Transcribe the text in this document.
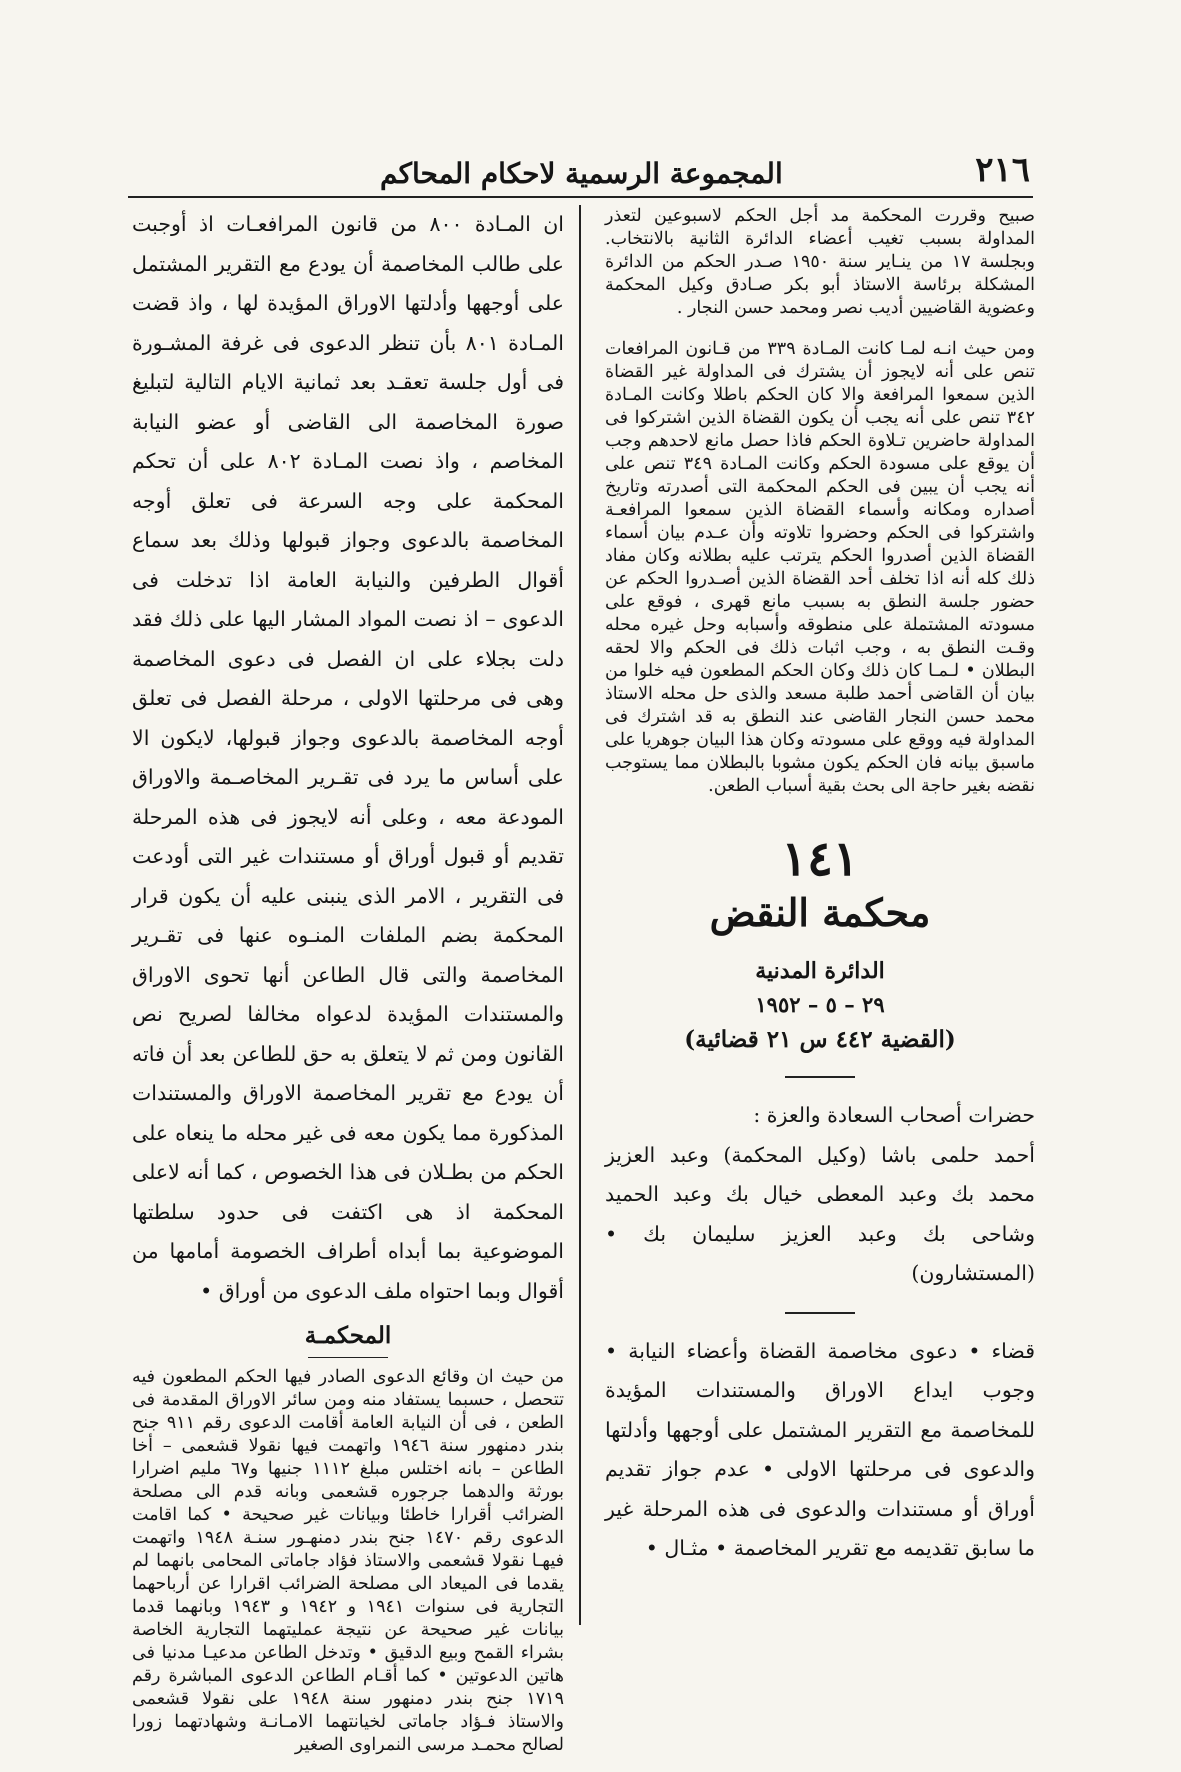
٢١٦
المجموعة الرسمية لاحكام المحاكم

صبيح وقررت المحكمة مد أجل الحكم لاسبوعين لتعذر المداولة بسبب تغيب أعضاء الدائرة الثانية بالانتخاب. وبجلسة ١٧ من ينـاير سنة ١٩٥٠ صـدر الحكم من الدائرة المشكلة برئاسة الاستاذ أبو بكر صـادق وكيل المحكمة وعضوية القاضيين أديب نصر ومحمد حسن النجار .

ومن حيث انـه لمـا كانت المـادة ٣٣٩ من قـانون المرافعات تنص على أنه لايجوز أن يشترك فى المداولة غير القضاة الذين سمعوا المرافعة والا كان الحكم باطلا وكانت المـادة ٣٤٢ تنص على أنه يجب أن يكون القضاة الذين اشتركوا فى المداولة حاضرين تـلاوة الحكم فاذا حصل مانع لاحدهم وجب أن يوقع على مسودة الحكم وكانت المـادة ٣٤٩ تنص على أنه يجب أن يبين فى الحكم المحكمة التى أصدرته وتاريخ أصداره ومكانه وأسماء القضاة الذين سمعوا المرافعـة واشتركوا فى الحكم وحضروا تلاوته وأن عـدم بيان أسماء القضاة الذين أصدروا الحكم يترتب عليه بطلانه وكان مفاد ذلك كله أنه اذا تخلف أحد القضاة الذين أصـدروا الحكم عن حضور جلسة النطق به بسبب مانع قهرى ، فوقع على مسودته المشتملة على منطوقه وأسبابه وحل غيره محله وقـت النطق به ، وجب اثبات ذلك فى الحكم والا لحقه البطلان • لـمـا كان ذلك وكان الحكم المطعون فيه خلوا من بيان أن القاضى أحمد طلبة مسعد والذى حل محله الاستاذ محمد حسن النجار القاضى عند النطق به قد اشترك فى المداولة فيه ووقع على مسودته وكان هذا البيان جوهريا على ماسبق بيانه فان الحكم يكون مشوبا بالبطلان مما يستوجب نقضه بغير حاجة الى بحث بقية أسباب الطعن.

١٤١
محكمة النقض
الدائرة المدنية
٢٩ – ٥ – ١٩٥٢
(القضية ٤٤٢ س ٢١ قضائية)

حضرات أصحاب السعادة والعزة :

أحمد حلمى باشا (وكيل المحكمة) وعبد العزيز محمد بك وعبد المعطى خيال بك وعبد الحميد وشاحى بك وعبد العزيز سليمان بك • (المستشارون)

قضاء • دعوى مخاصمة القضاة وأعضاء النيابة • وجوب ايداع الاوراق والمستندات المؤيدة للمخاصمة مع التقرير المشتمل على أوجهها وأدلتها والدعوى فى مرحلتها الاولى • عدم جواز تقديم أوراق أو مستندات والدعوى فى هذه المرحلة غير ما سابق تقديمه مع تقرير المخاصمة • مثـال •

ان المـادة ٨٠٠ من قانون المرافعـات اذ أوجبت على طالب المخاصمة أن يودع مع التقرير المشتمل على أوجهها وأدلتها الاوراق المؤيدة لها ، واذ قضت المـادة ٨٠١ بأن تنظر الدعوى فى غرفة المشـورة فى أول جلسة تعقـد بعد ثمانية الايام التالية لتبليغ صورة المخاصمة الى القاضى أو عضو النيابة المخاصم ، واذ نصت المـادة ٨٠٢ على أن تحكم المحكمة على وجه السرعة فى تعلق أوجه المخاصمة بالدعوى وجواز قبولها وذلك بعد سماع أقوال الطرفين والنيابة العامة اذا تدخلت فى الدعوى – اذ نصت المواد المشار اليها على ذلك فقد دلت بجلاء على ان الفصل فى دعوى المخاصمة وهى فى مرحلتها الاولى ، مرحلة الفصل فى تعلق أوجه المخاصمة بالدعوى وجواز قبولها، لايكون الا على أساس ما يرد فى تقـرير المخاصـمة والاوراق المودعة معه ، وعلى أنه لايجوز فى هذه المرحلة تقديم أو قبول أوراق أو مستندات غير التى أودعت فى التقرير ، الامر الذى ينبنى عليه أن يكون قرار المحكمة بضم الملفات المنـوه عنها فى تقـرير المخاصمة والتى قال الطاعن أنها تحوى الاوراق والمستندات المؤيدة لدعواه مخالفا لصريح نص القانون ومن ثم لا يتعلق به حق للطاعن بعد أن فاته أن يودع مع تقرير المخاصمة الاوراق والمستندات المذكورة مما يكون معه فى غير محله ما ينعاه على الحكم من بطـلان فى هذا الخصوص ، كما أنه لاعلى المحكمة اذ هى اكتفت فى حدود سلطتها الموضوعية بما أبداه أطراف الخصومة أمامها من أقوال وبما احتواه ملف الدعوى من أوراق •

المحكمـة

من حيث ان وقائع الدعوى الصادر فيها الحكم المطعون فيه تتحصل ، حسبما يستفاد منه ومن سائر الاوراق المقدمة فى الطعن ، فى أن النيابة العامة أقامت الدعوى رقم ٩١١ جنح بندر دمنهور سنة ١٩٤٦ واتهمت فيها نقولا قشعمى – أخا الطاعن – بانه اختلس مبلغ ١١١٢ جنيها و٦٧ مليم اضرارا بورثة والدهما جرجوره قشعمى وبانه قدم الى مصلحة الضرائب أقرارا خاطئا وبيانات غير صحيحة • كما اقامت الدعوى رقم ١٤٧٠ جنح بندر دمنهـور سنـة ١٩٤٨ واتهمت فيهـا نقولا قشعمى والاستاذ فؤاد جاماتى المحامى بانهما لم يقدما فى الميعاد الى مصلحة الضرائب اقرارا عن أرباحهما التجارية فى سنوات ١٩٤١ و ١٩٤٢ و ١٩٤٣ وبانهما قدما بيانات غير صحيحة عن نتيجة عمليتهما التجارية الخاصة بشراء القمح وبيع الدقيق • وتدخل الطاعن مدعيـا مدنيا فى هاتين الدعوتين • كما أقـام الطاعن الدعوى المباشرة رقم ١٧١٩ جنح بندر دمنهور سنة ١٩٤٨ على نقولا قشعمى والاستاذ فـؤاد جاماتى لخيانتهما الامـانـة وشهادتهما زورا لصالح محمـد مرسى النمراوى الصغير
